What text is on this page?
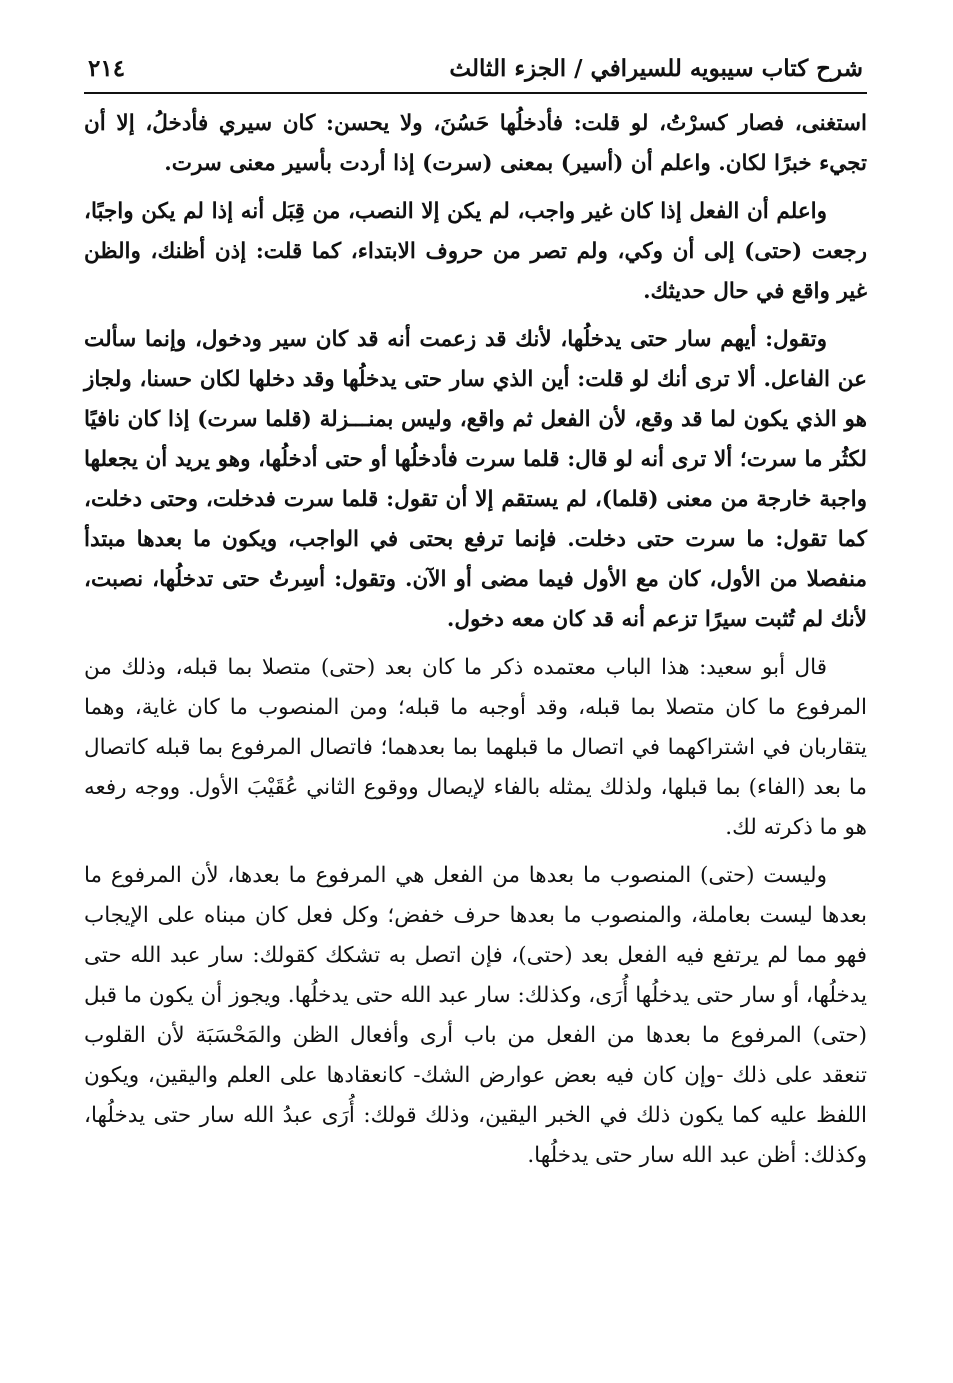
شرح كتاب سيبويه للسيرافي / الجزء الثالث
٢١٤

استغنى، فصار كسرْتُ، لو قلت: فأدخلُها حَسُنَ، ولا يحسن: كان سيري فأدخلُ، إلا أن تجيء خبرًا لكان. واعلم أن (أسير) بمعنى (سرت) إذا أردت بأسير معنى سرت.

واعلم أن الفعل إذا كان غير واجب، لم يكن إلا النصب، من قِبَل أنه إذا لم يكن واجبًا، رجعت (حتى) إلى أن وكي، ولم تصر من حروف الابتداء، كما قلت: إذن أظنك، والظن غير واقع في حال حديثك.

وتقول: أيهم سار حتى يدخلُها، لأنك قد زعمت أنه قد كان سير ودخول، وإنما سألت عن الفاعل. ألا ترى أنك لو قلت: أين الذي سار حتى يدخلُها وقد دخلها لكان حسنا، ولجاز هو الذي يكون لما قد وقع، لأن الفعل ثم واقع، وليس بمنـــزلة (قلما سرت) إذا كان نافيًا لكثُر ما سرت؛ ألا ترى أنه لو قال: قلما سرت فأدخلُها أو حتى أدخلُها، وهو يريد أن يجعلها واجبة خارجة من معنى (قلما)، لم يستقم إلا أن تقول: قلما سرت فدخلت، وحتى دخلت، كما تقول: ما سرت حتى دخلت. فإنما ترفع بحتى في الواجب، ويكون ما بعدها مبتدأ منفصلا من الأول، كان مع الأول فيما مضى أو الآن. وتقول: أسِرتُ حتى تدخلُها، نصبت، لأنك لم تُثبت سيرًا تزعم أنه قد كان معه دخول.

قال أبو سعيد: هذا الباب معتمده ذكر ما كان بعد (حتى) متصلا بما قبله، وذلك من المرفوع ما كان متصلا بما قبله، وقد أوجبه ما قبله؛ ومن المنصوب ما كان غاية، وهما يتقاربان في اشتراكهما في اتصال ما قبلهما بما بعدهما؛ فاتصال المرفوع بما قبله كاتصال ما بعد (الفاء) بما قبلها، ولذلك يمثله بالفاء لإيصال ووقوع الثاني عُقَيْبَ الأول. ووجه رفعه هو ما ذكرته لك.

وليست (حتى) المنصوب ما بعدها من الفعل هي المرفوع ما بعدها، لأن المرفوع ما بعدها ليست بعاملة، والمنصوب ما بعدها حرف خفض؛ وكل فعل كان مبناه على الإيجاب فهو مما لم يرتفع فيه الفعل بعد (حتى)، فإن اتصل به تشكك كقولك: سار عبد الله حتى يدخلُها، أو سار حتى يدخلُها أُرَى، وكذلك: سار عبد الله حتى يدخلُها. ويجوز أن يكون ما قبل (حتى) المرفوع ما بعدها من الفعل من باب أرى وأفعال الظن والمَحْسَبَة لأن القلوب تنعقد على ذلك -وإن كان فيه بعض عوارض الشك- كانعقادها على العلم واليقين، ويكون اللفظ عليه كما يكون ذلك في الخبر اليقين، وذلك قولك: أُرَى عبدُ الله سار حتى يدخلُها، وكذلك: أظن عبد الله سار حتى يدخلُها.
